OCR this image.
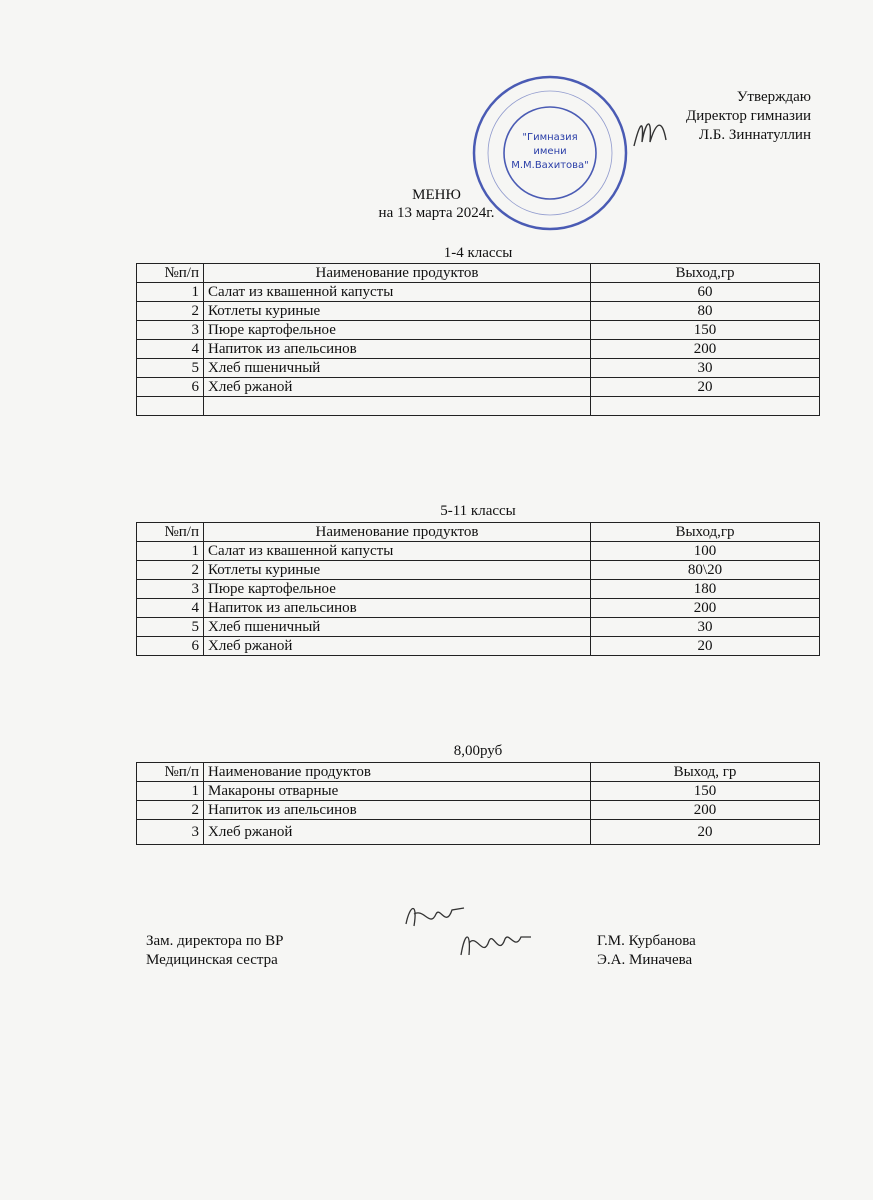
"Гимназия
имени
М.М.Вахитова"
Утверждаю
Директор гимназии
Л.Б. Зиннатуллин
МЕНЮ
на 13 марта 2024г.
1-4 классы
№п/п	Наименование продуктов	Выход,гр
1	Салат из квашенной капусты	60
2	Котлеты куриные	80
3	Пюре картофельное	150
4	Напиток из апельсинов	200
5	Хлеб пшеничный	30
6	Хлеб ржаной	20

5-11 классы
№п/п	Наименование продуктов	Выход,гр
1	Салат из квашенной капусты	100
2	Котлеты куриные	80\20
3	Пюре картофельное	180
4	Напиток из апельсинов	200
5	Хлеб пшеничный	30
6	Хлеб ржаной	20
8,00руб
№п/п	Наименование продуктов	Выход, гр
1	Макароны отварные	150
2	Напиток из апельсинов	200
3	Хлеб ржаной	20
Зам. директора по ВР
Медицинская сестра
Г.М. Курбанова
Э.А. Миначева
